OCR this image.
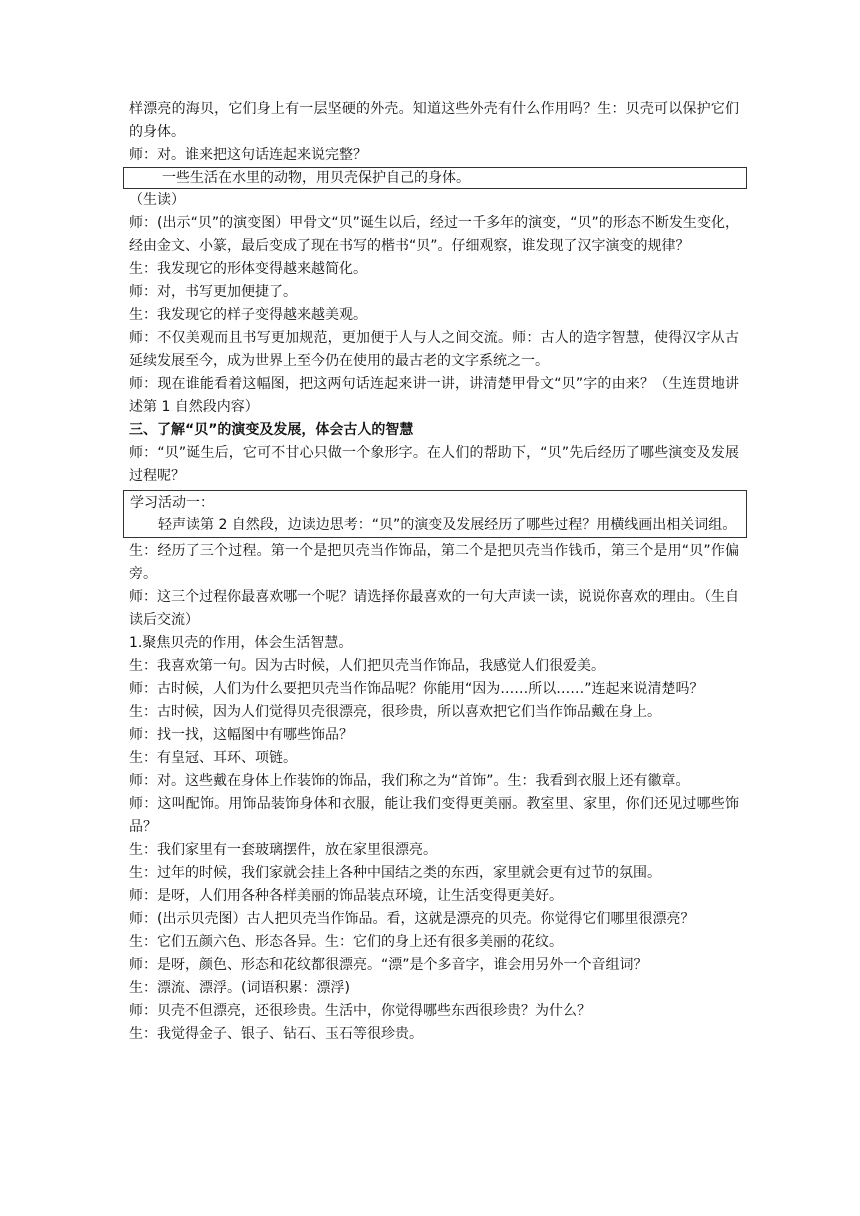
样漂亮的海贝，它们身上有一层坚硬的外壳。知道这些外壳有什么作用吗？生：贝壳可以保护它们的身体。

师：对。谁来把这句话连起来说完整？

一些生活在水里的动物，用贝壳保护自己的身体。

（生读）

师：(出示“贝”的演变图）甲骨文“贝”诞生以后，经过一千多年的演变，“贝”的形态不断发生变化，经由金文、小篆，最后变成了现在书写的楷书“贝”。仔细观察，谁发现了汉字演变的规律？

生：我发现它的形体变得越来越简化。

师：对，书写更加便捷了。

生：我发现它的样子变得越来越美观。

师：不仅美观而且书写更加规范，更加便于人与人之间交流。师：古人的造字智慧，使得汉字从古延续发展至今，成为世界上至今仍在使用的最古老的文字系统之一。

师：现在谁能看着这幅图，把这两句话连起来讲一讲，讲清楚甲骨文“贝”字的由来？（生连贯地讲述第 1 自然段内容）

三、了解“贝”的演变及发展，体会古人的智慧

师：“贝”诞生后，它可不甘心只做一个象形字。在人们的帮助下，“贝”先后经历了哪些演变及发展过程呢？

学习活动一：

轻声读第 2 自然段，边读边思考：“贝”的演变及发展经历了哪些过程？用横线画出相关词组。

生：经历了三个过程。第一个是把贝壳当作饰品，第二个是把贝壳当作钱币，第三个是用“贝”作偏旁。

师：这三个过程你最喜欢哪一个呢？请选择你最喜欢的一句大声读一读，说说你喜欢的理由。（生自读后交流）

1.聚焦贝壳的作用，体会生活智慧。

生：我喜欢第一句。因为古时候，人们把贝壳当作饰品，我感觉人们很爱美。

师：古时候，人们为什么要把贝壳当作饰品呢？你能用“因为……所以……”连起来说清楚吗？

生：古时候，因为人们觉得贝壳很漂亮，很珍贵，所以喜欢把它们当作饰品戴在身上。

师：找一找，这幅图中有哪些饰品？

生：有皇冠、耳环、项链。

师：对。这些戴在身体上作装饰的饰品，我们称之为“首饰”。生：我看到衣服上还有徽章。

师：这叫配饰。用饰品装饰身体和衣服，能让我们变得更美丽。教室里、家里，你们还见过哪些饰品？

生：我们家里有一套玻璃摆件，放在家里很漂亮。

生：过年的时候，我们家就会挂上各种中国结之类的东西，家里就会更有过节的氛围。

师：是呀，人们用各种各样美丽的饰品装点环境，让生活变得更美好。

师：(出示贝壳图）古人把贝壳当作饰品。看，这就是漂亮的贝壳。你觉得它们哪里很漂亮？

生：它们五颜六色、形态各异。生：它们的身上还有很多美丽的花纹。

师：是呀，颜色、形态和花纹都很漂亮。“漂”是个多音字，谁会用另外一个音组词？

生：漂流、漂浮。(词语积累：漂浮)

师：贝壳不但漂亮，还很珍贵。生活中，你觉得哪些东西很珍贵？为什么？

生：我觉得金子、银子、钻石、玉石等很珍贵。
